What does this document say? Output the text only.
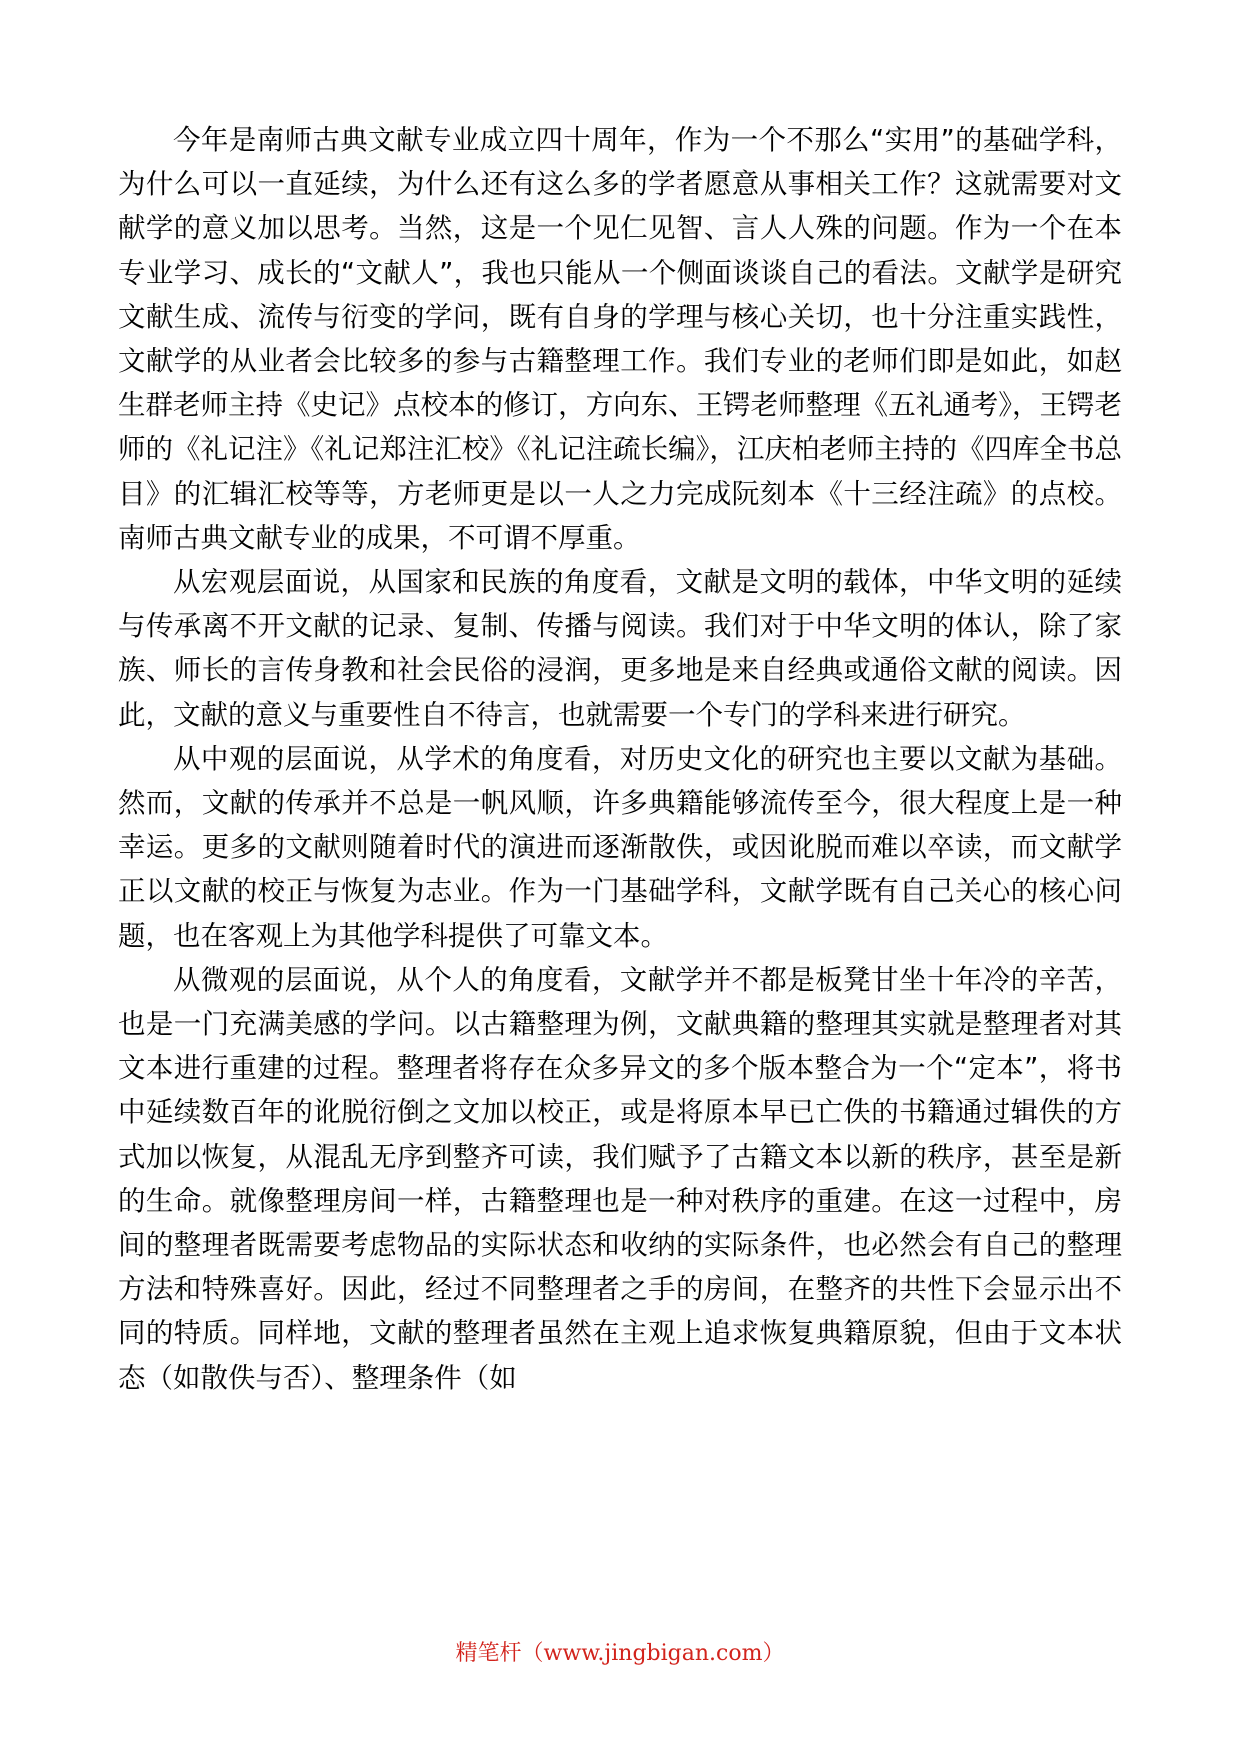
今年是南师古典文献专业成立四十周年，作为一个不那么“实用”的基础学科，为什么可以一直延续，为什么还有这么多的学者愿意从事相关工作？这就需要对文献学的意义加以思考。当然，这是一个见仁见智、言人人殊的问题。作为一个在本专业学习、成长的“文献人”，我也只能从一个侧面谈谈自己的看法。文献学是研究文献生成、流传与衍变的学问，既有自身的学理与核心关切，也十分注重实践性，文献学的从业者会比较多的参与古籍整理工作。我们专业的老师们即是如此，如赵生群老师主持《史记》点校本的修订，方向东、王锷老师整理《五礼通考》，王锷老师的《礼记注》《礼记郑注汇校》《礼记注疏长编》，江庆柏老师主持的《四库全书总目》的汇辑汇校等等，方老师更是以一人之力完成阮刻本《十三经注疏》的点校。南师古典文献专业的成果，不可谓不厚重。

从宏观层面说，从国家和民族的角度看，文献是文明的载体，中华文明的延续与传承离不开文献的记录、复制、传播与阅读。我们对于中华文明的体认，除了家族、师长的言传身教和社会民俗的浸润，更多地是来自经典或通俗文献的阅读。因此，文献的意义与重要性自不待言，也就需要一个专门的学科来进行研究。

从中观的层面说，从学术的角度看，对历史文化的研究也主要以文献为基础。然而，文献的传承并不总是一帆风顺，许多典籍能够流传至今，很大程度上是一种幸运。更多的文献则随着时代的演进而逐渐散佚，或因讹脱而难以卒读，而文献学正以文献的校正与恢复为志业。作为一门基础学科，文献学既有自己关心的核心问题，也在客观上为其他学科提供了可靠文本。

从微观的层面说，从个人的角度看，文献学并不都是板凳甘坐十年冷的辛苦，也是一门充满美感的学问。以古籍整理为例，文献典籍的整理其实就是整理者对其文本进行重建的过程。整理者将存在众多异文的多个版本整合为一个“定本”，将书中延续数百年的讹脱衍倒之文加以校正，或是将原本早已亡佚的书籍通过辑佚的方式加以恢复，从混乱无序到整齐可读，我们赋予了古籍文本以新的秩序，甚至是新的生命。就像整理房间一样，古籍整理也是一种对秩序的重建。在这一过程中，房间的整理者既需要考虑物品的实际状态和收纳的实际条件，也必然会有自己的整理方法和特殊喜好。因此，经过不同整理者之手的房间，在整齐的共性下会显示出不同的特质。同样地，文献的整理者虽然在主观上追求恢复典籍原貌，但由于文本状态（如散佚与否）、整理条件（如

精笔杆（www.jingbigan.com）
